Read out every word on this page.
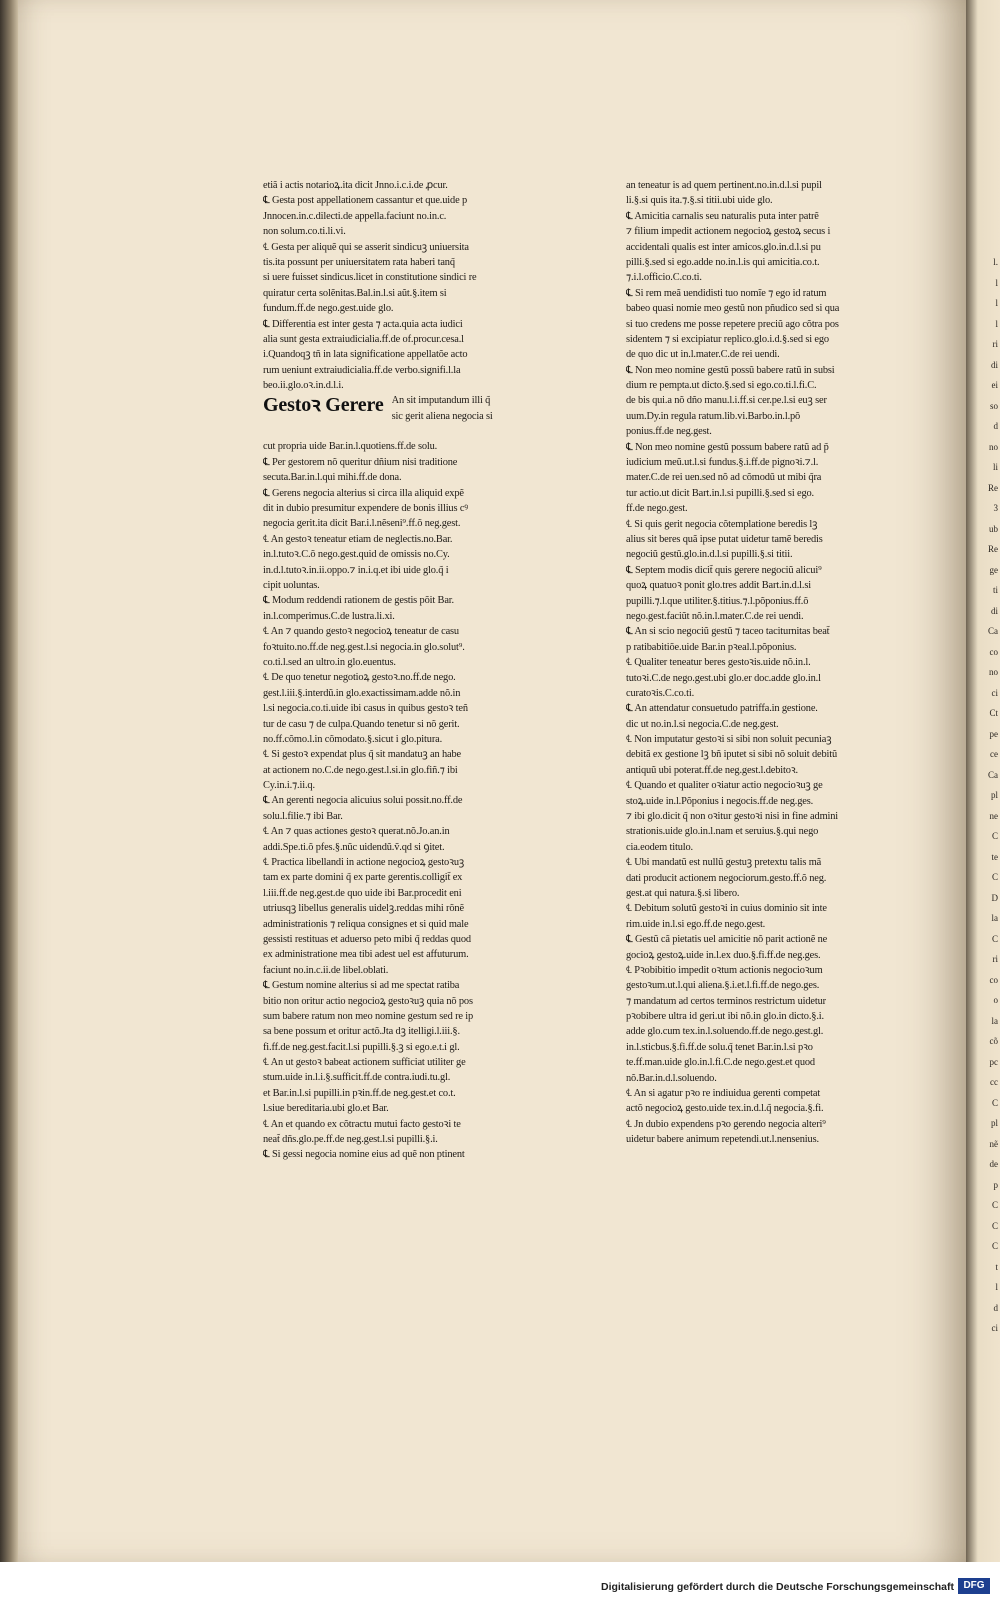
etiã i actis notarioꝝ.ita dicit Jnno.i.c.i.de ꝓcur.
℄ Gesta post appellationem cassantur et que.uide p
Jnnocen.in.c.dilecti.de appella.faciunt no.in.c.
non solum.co.ti.li.vi.
℄ Gesta per aliquẽ qui se asserit sindicuꝫ uniuersita
tis.ita possunt per uniuersitatem rata haberi tanq̃
si uere fuisset sindicus.licet in constitutione sindici re
quiratur certa solẽnitas.Bal.in.l.si aũt.§.item si
fundum.ff.de nego.gest.uide glo.
℄ Differentia est inter gesta ⁊ acta.quia acta iudici
alia sunt gesta extraiudicialia.ff.de of.procur.cesa.l
i.Quandoqꝫ tñ in lata significatione appellatõe acto
rum ueniunt extraiudicialia.ff.de verbo.signifi.l.la
beo.ii.glo.oꝛ.in.d.l.i.
Gestoꝛ Gerere An sit imputandum illi q̃
sic gerit aliena negocia si
cut propria uide Bar.in.l.quotiens.ff.de solu.
℄ Per gestorem nõ queritur dñium nisi traditione
secuta.Bar.in.l.qui mihi.ff.de dona.
℄ Gerens negocia alterius si circa illa aliquid expẽ
dit in dubio presumitur expendere de bonis illius cꝰ
negocia gerit.ita dicit Bar.i.l.nẽseni⁹.ff.õ neg.gest.
℄ An gestoꝛ teneatur etiam de neglectis.no.Bar.
in.l.tutoꝛ.C.õ nego.gest.quid de omissis no.Cy.
in.d.l.tutoꝛ.in.ii.oppo.⁊ in.i.q.et ibi uide glo.q̃ i
cipit uoluntas.
℄ Modum reddendi rationem de gestis põit Bar.
in.l.comperimus.C.de lustra.li.xi.
℄ An ⁊ quando gestoꝛ negocioꝝ teneatur de casu
foꝛtuito.no.ff.de neg.gest.l.si negocia.in glo.solut⁹.
co.ti.l.sed an ultro.in glo.euentus.
℄ De quo tenetur negotioꝝ gestoꝛ.no.ff.de nego.
gest.l.iii.§.interdũ.in glo.exactissimam.adde nõ.in
l.si negocia.co.ti.uide ibi casus in quibus gestoꝛ teñ
tur de casu ⁊ de culpa.Quando tenetur si nõ gerit.
no.ff.cõmo.l.in cõmodato.§.sicut i glo.pitura.
℄ Si gestoꝛ expendat plus q̃ sit mandatuꝫ an habe
at actionem no.C.de nego.gest.l.si.in glo.fiñ.⁊ ibi
Cy.in.i.⁊.ii.q.
℄ An gerenti negocia alicuius solui possit.no.ff.de
solu.l.filie.⁊ ibi Bar.
℄ An ⁊ quas actiones gestoꝛ querat.nõ.Jo.an.in
addi.Spe.ti.õ pfes.§.nũc uidendũ.ṽ.qd si ꝯitet.
℄ Practica libellandi in actione negocioꝝ gestoꝛuꝫ
tam ex parte domini q̃ ex parte gerentis.colligit̃ ex
l.iii.ff.de neg.gest.de quo uide ibi Bar.procedit eni
utriusqꝫ libellus generalis uidelꝫ.reddas mihi rõnẽ
administrationis ⁊ reliqua consignes et si quid male
gessisti restituas et aduerso peto mibi q̃ reddas quod
ex administratione mea tibi adest uel est affuturum.
faciunt no.in.c.ii.de libel.oblati.
℄ Gestum nomine alterius si ad me spectat ratiba
bitio non oritur actio negocioꝝ gestoꝛuꝫ quia nõ pos
sum babere ratum non meo nomine gestum sed re ip
sa bene possum et oritur actõ.Jta dꝫ itelligi.l.iii.§.
fi.ff.de neg.gest.facit.l.si pupilli.§.ꝫ si ego.e.t.i gl.
℄ An ut gestoꝛ babeat actionem sufficiat utiliter ge
stum.uide in.l.i.§.sufficit.ff.de contra.iudi.tu.gl.
et Bar.in.l.si pupilli.in pꝛin.ff.de neg.gest.et co.t.
l.siue bereditaria.ubi glo.et Bar.
℄ An et quando ex cõtractu mutui facto gestoꝛi te
neat̃ dñs.glo.pe.ff.de neg.gest.l.si pupilli.§.i.
℄ Si gessi negocia nomine eius ad quẽ non ptinent
an teneatur is ad quem pertinent.no.in.d.l.si pupil
li.§.si quis ita.⁊.§.si titii.ubi uide glo.
℄ Amicitia carnalis seu naturalis puta inter patrẽ
⁊ filium impedit actionem negocioꝝ gestoꝝ secus i
accidentali qualis est inter amicos.glo.in.d.l.si pu
pilli.§.sed si ego.adde no.in.l.is qui amicitia.co.t.
⁊.i.l.officio.C.co.ti.
℄ Si rem meã uendidisti tuo nomĩe ⁊ ego id ratum
babeo quasi nomie meo gestũ non pñudico sed si qua
si tuo credens me posse repetere preciũ ago cõtra pos
sidentem ⁊ si excipiatur replico.glo.i.d.§.sed si ego
de quo dic ut in.l.mater.C.de rei uendi.
℄ Non meo nomine gestũ possũ babere ratũ in subsi
dium re pempta.ut dicto.§.sed si ego.co.ti.l.fi.C.
de bis qui.a nõ dño manu.l.i.ff.si cer.pe.l.si euꝫ ser
uum.Dy.in regula ratum.lib.vi.Barbo.in.l.põ
ponius.ff.de neg.gest.
℄ Non meo nomine gestũ possum babere ratũ ad p̃
iudicium meũ.ut.l.si fundus.§.i.ff.de pignoꝛi.⁊.l.
mater.C.de rei uen.sed nõ ad cõmodũ ut mibi q̃ra
tur actio.ut dicit Bart.in.l.si pupilli.§.sed si ego.
ff.de nego.gest.
℄ Si quis gerit negocia cõtemplatione beredis lꝫ
alius sit beres quã ipse putat uidetur tamẽ beredis
negociũ gestũ.glo.in.d.l.si pupilli.§.si titii.
℄ Septem modis dicit̃ quis gerere negociũ alicui⁹
quoꝝ quatuoꝛ ponit glo.tres addit Bart.in.d.l.si
pupilli.⁊.l.que utiliter.§.titius.⁊.l.põponius.ff.õ
nego.gest.faciũt nõ.in.l.mater.C.de rei uendi.
℄ An si scio negociũ gestũ ⁊ taceo taciturnitas beat̃
p ratibabitiõe.uide Bar.in pꝛeal.l.põponius.
℄ Qualiter teneatur beres gestoꝛis.uide nõ.in.l.
tutoꝛi.C.de nego.gest.ubi glo.er doc.adde glo.in.l
curatoꝛis.C.co.ti.
℄ An attendatur consuetudo patriffa.in gestione.
dic ut no.in.l.si negocia.C.de neg.gest.
℄ Non imputatur gestoꝛi si sibi non soluit pecuniaꝫ
debitã ex gestione lꝫ bñ iputet si sibi nõ soluit debitũ
antiquũ ubi poterat.ff.de neg.gest.l.debitoꝛ.
℄ Quando et qualiter oꝛiatur actio negocioꝛuꝫ ge
stoꝝ.uide in.l.Põponius i negocis.ff.de neg.ges.
⁊ ibi glo.dicit q̃ non oꝛitur gestoꝛi nisi in fine admini
strationis.uide glo.in.l.nam et seruius.§.qui nego
cia.eodem titulo.
℄ Ubi mandatũ est nullũ gestuꝫ pretextu talis mã
dati producit actionem negociorum.gesto.ff.õ neg.
gest.at qui natura.§.si libero.
℄ Debitum solutũ gestoꝛi in cuius dominio sit inte
rim.uide in.l.si ego.ff.de nego.gest.
℄ Gestũ cã pietatis uel amicitie nõ parit actionẽ ne
gocioꝝ gestoꝝ.uide in.l.ex duo.§.fi.ff.de neg.ges.
℄ Pꝛobibitio impedit oꝛtum actionis negocioꝛum
gestoꝛum.ut.l.qui aliena.§.i.et.l.fi.ff.de nego.ges.
⁊ mandatum ad certos terminos restrictum uidetur
pꝛobibere ultra id geri.ut ibi nõ.in glo.in dicto.§.i.
adde glo.cum tex.in.l.soluendo.ff.de nego.gest.gl.
in.l.sticbus.§.fi.ff.de solu.q̃ tenet Bar.in.l.si pꝛo
te.ff.man.uide glo.in.l.fi.C.de nego.gest.et quod
nõ.Bar.in.d.l.soluendo.
℄ An si agatur pꝛo re indiuidua gerenti competat
actõ negocioꝝ gesto.uide tex.in.d.l.q̃ negocia.§.fi.
℄ Jn dubio expendens pꝛo gerendo negocia alteri⁹
uidetur babere animum repetendi.ut.l.nensenius.
l.
l
l
l
ri
di
ei
so
d
no
li
Re
3
ub
Re
ge
ti
di
Ca
co
no
ci
Ct
pe
ce
Ca
pl
ne
C
te
C
D
la
C
ri
co
o
la
cõ
pc
cc
C
pl
nẽ
de
p
C
C
C
t
l
d
ci
Digitalisierung gefördert durch die Deutsche Forschungsgemeinschaft DFG
